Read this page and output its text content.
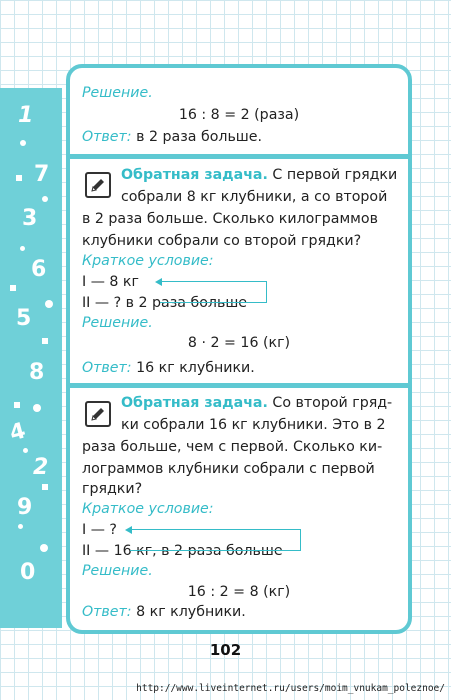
1
7
3
6
5
8
4
2
9
0
Решение.
16 : 8 = 2 (раза)
Ответ: в 2 раза больше.
Обратная задача. С первой грядки
собрали 8 кг клубники, а со второй
в 2 раза больше. Сколько килограммов
клубники собрали со второй грядки?
Краткое условие:
I — 8 кг
II — ? в 2 раза больше
Решение.
8 · 2 = 16 (кг)
Ответ: 16 кг клубники.
Обратная задача. Со второй гряд-
ки собрали 16 кг клубники. Это в 2
раза больше, чем с первой. Сколько ки-
лограммов клубники собрали с первой
грядки?
Краткое условие:
I — ?
II — 16 кг, в 2 раза больше
Решение.
16 : 2 = 8 (кг)
Ответ: 8 кг клубники.
102
http://www.liveinternet.ru/users/moim_vnukam_poleznoe/
